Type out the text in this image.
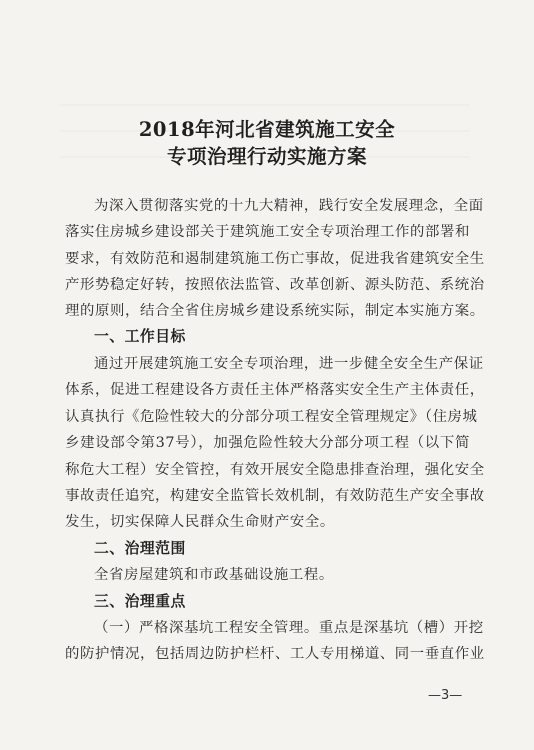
2018年河北省建筑施工安全
专项治理行动实施方案

为深入贯彻落实党的十九大精神，践行安全发展理念，全面

落实住房城乡建设部关于建筑施工安全专项治理工作的部署和

要求，有效防范和遏制建筑施工伤亡事故，促进我省建筑安全生

产形势稳定好转，按照依法监管、改革创新、源头防范、系统治

理的原则，结合全省住房城乡建设系统实际，制定本实施方案。

一、工作目标

通过开展建筑施工安全专项治理，进一步健全安全生产保证

体系，促进工程建设各方责任主体严格落实安全生产主体责任，

认真执行《危险性较大的分部分项工程安全管理规定》（住房城

乡建设部令第37号），加强危险性较大分部分项工程（以下简

称危大工程）安全管控，有效开展安全隐患排查治理，强化安全

事故责任追究，构建安全监管长效机制，有效防范生产安全事故

发生，切实保障人民群众生命财产安全。

二、治理范围

全省房屋建筑和市政基础设施工程。

三、治理重点

（一）严格深基坑工程安全管理。重点是深基坑（槽）开挖

的防护情况，包括周边防护栏杆、工人专用梯道、同一垂直作业

—3—
